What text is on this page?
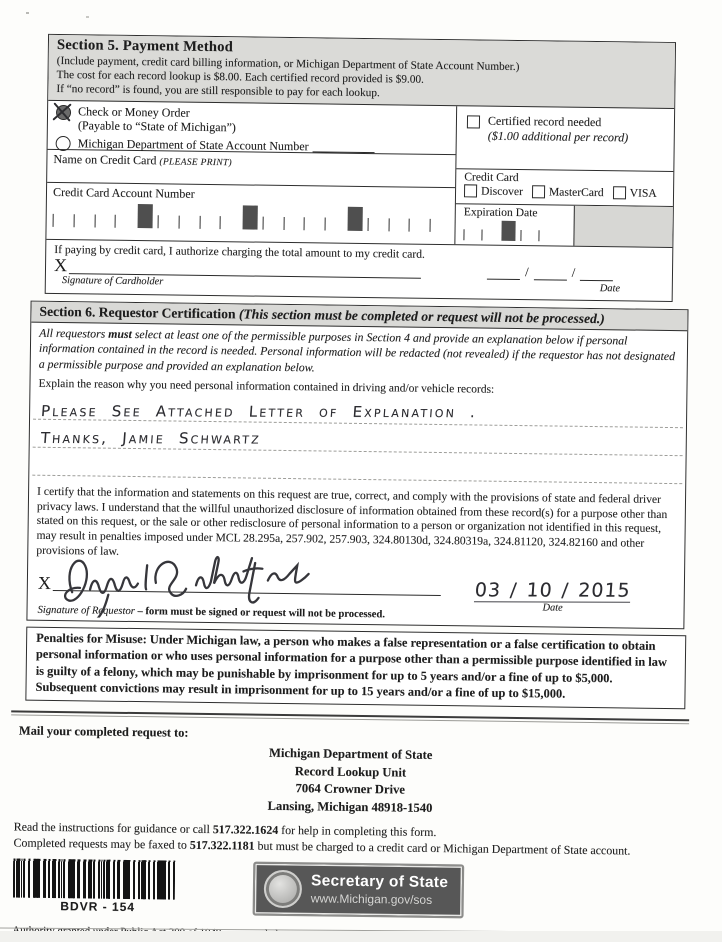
Section 5. Payment Method
(Include payment, credit card billing information, or Michigan Department of State Account Number.)
The cost for each record lookup is $8.00. Each certified record provided is $9.00.
If “no record” is found, you are still responsible to pay for each lookup.
Check or Money Order
(Payable to “State of Michigan”)
Michigan Department of State Account Number
Name on Credit Card (PLEASE PRINT)
Credit Card Account Number
Certified record needed
($1.00 additional per record)
Credit Card
Discover MasterCard VISA
Expiration Date
If paying by credit card, I authorize charging the total amount to my credit card.
X	/	/
Signature of Cardholder
Date
Section 6. Requestor Certification (This section must be completed or request will not be processed.)

All requestors must select at least one of the permissible purposes in Section 4 and provide an explanation below if personal information contained in the record is needed. Personal information will be redacted (not revealed) if the requestor has not designated a permissible purpose and provided an explanation below.

Explain the reason why you need personal information contained in driving and/or vehicle records:

Please See Attached Letter of Explanation .
Thanks, Jamie Schwartz

I certify that the information and statements on this request are true, correct, and comply with the provisions of state and federal driver privacy laws. I understand that the willful unauthorized disclosure of information obtained from these record(s) for a purpose other than stated on this request, or the sale or other redisclosure of personal information to a person or organization not identified in this request, may result in penalties imposed under MCL 28.295a, 257.902, 257.903, 324.80130d, 324.80319a, 324.81120, 324.82160 and other provisions of law.

X	03 / 10 / 2015
Date
Signature of Requestor – form must be signed or request will not be processed.
Penalties for Misuse: Under Michigan law, a person who makes a false representation or a false certification to obtain personal information or who uses personal information for a purpose other than a permissible purpose identified in law is guilty of a felony, which may be punishable by imprisonment for up to 5 years and/or a fine of up to $5,000. Subsequent convictions may result in imprisonment for up to 15 years and/or a fine of up to $15,000.
Mail your completed request to:
Michigan Department of State
Record Lookup Unit
7064 Crowner Drive
Lansing, Michigan 48918-1540

Read the instructions for guidance or call 517.322.1624 for help in completing this form.

Completed requests may be faxed to 517.322.1181 but must be charged to a credit card or Michigan Department of State account.

BDVR - 154
Secretary of State
www.Michigan.gov/sos
